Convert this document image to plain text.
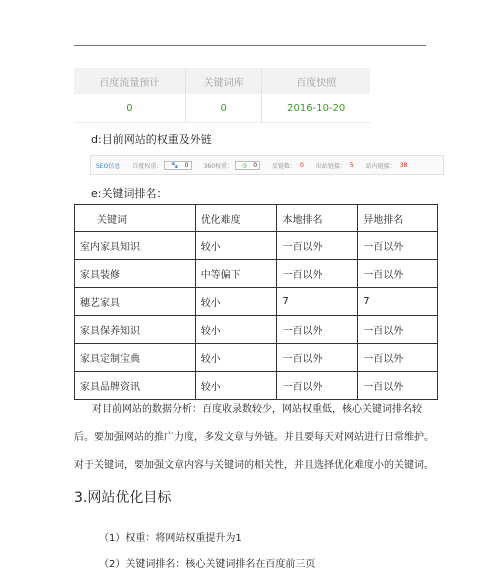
百度流量预计	关键词库	百度快照
0	0	2016-10-20
d:目前网站的权重及外链
SEO信息 百度权重：	🐾 0	360权重：	◎ 0	反链数： 0 出站链接： 5 站内链接： 38
e:关键词排名：
关键词	优化难度	本地排名	异地排名
室内家具知识	较小	一百以外	一百以外
家具装修	中等偏下	一百以外	一百以外
穗艺家具	较小	7	7
家具保养知识	较小	一百以外	一百以外
家具定制宝典	较小	一百以外	一百以外
家具品牌资讯	较小	一百以外	一百以外
对目前网站的数据分析：百度收录数较少，网站权重低，核心关键词排名较后。要加强网站的推广力度，多发文章与外链。并且要每天对网站进行日常维护。对于关键词，要加强文章内容与关键词的相关性，并且选择优化难度小的关键词。
3.网站优化目标
（1）权重：将网站权重提升为1
（2）关键词排名：核心关键词排名在百度前三页
